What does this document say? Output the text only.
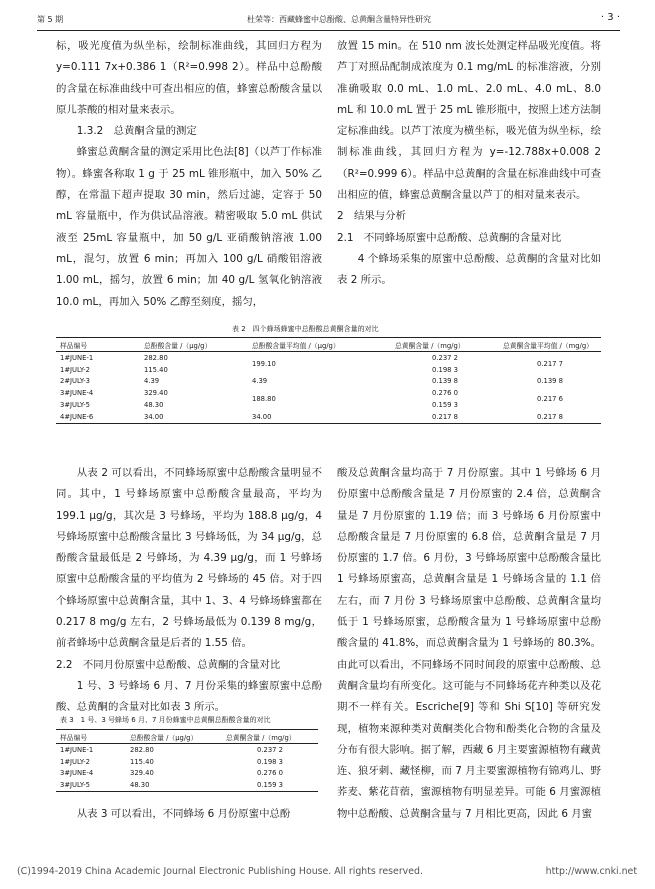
第 5 期	杜荣等：西藏蜂蜜中总酚酸、总黄酮含量特异性研究	· 3 ·

标，吸光度值为纵坐标，绘制标准曲线，其回归方程为 y=0.111 7x+0.386 1（R²=0.998 2）。样品中总酚酸的含量在标准曲线中可查出相应的值，蜂蜜总酚酸含量以原儿茶酸的相对量来表示。

1.3.2　总黄酮含量的测定

蜂蜜总黄酮含量的测定采用比色法[8]（以芦丁作标准物）。蜂蜜各称取 1 g 于 25 mL 锥形瓶中，加入 50% 乙醇，在常温下超声提取 30 min，然后过滤，定容于 50 mL 容量瓶中，作为供试品溶液。精密吸取 5.0 mL 供试液至 25mL 容量瓶中，加 50 g/L 亚硝酸钠溶液 1.00 mL，混匀，放置 6 min；再加入 100 g/L 硝酸铝溶液 1.00 mL，摇匀，放置 6 min；加 40 g/L 氢氧化钠溶液 10.0 mL，再加入 50% 乙醇至刻度，摇匀，

放置 15 min。在 510 nm 波长处测定样品吸光度值。将芦丁对照品配制成浓度为 0.1 mg/mL 的标准溶液，分别准确吸取 0.0 mL、1.0 mL、2.0 mL、4.0 mL、8.0 mL 和 10.0 mL 置于 25 mL 锥形瓶中，按照上述方法制定标准曲线。以芦丁浓度为横坐标，吸光值为纵坐标，绘制标准曲线，其回归方程为 y=-12.788x+0.008 2（R²=0.999 6）。样品中总黄酮的含量在标准曲线中可查出相应的值，蜂蜜总黄酮含量以芦丁的相对量来表示。

2　结果与分析

2.1　不同蜂场原蜜中总酚酸、总黄酮的含量对比

4 个蜂场采集的原蜜中总酚酸、总黄酮的含量对比如表 2 所示。

表 2　四个蜂场蜂蜜中总酚酸总黄酮含量的对比
样品编号	总酚酸含量 /（μg/g）	总酚酸含量平均值 /（μg/g）	总黄酮含量 /（mg/g）	总黄酮含量平均值 /（mg/g）
1#JUNE-1	282.80	199.10	0.237 2	0.217 7
1#JULY-2	115.40		0.198 3	
2#JULY-3	4.39	4.39	0.139 8	0.139 8
3#JUNE-4	329.40	188.80	0.276 0	0.217 6
3#JULY-5	48.30		0.159 3	
4#JUNE-6	34.00	34.00	0.217 8	0.217 8

从表 2 可以看出，不同蜂场原蜜中总酚酸含量明显不同。其中，1 号蜂场原蜜中总酚酸含量最高，平均为 199.1 μg/g，其次是 3 号蜂场，平均为 188.8 μg/g，4 号蜂场原蜜中总酚酸含量比 3 号蜂场低，为 34 μg/g，总酚酸含量最低是 2 号蜂场，为 4.39 μg/g，而 1 号蜂场原蜜中总酚酸含量的平均值为 2 号蜂场的 45 倍。对于四个蜂场原蜜中总黄酮含量，其中 1、3、4 号蜂场蜂蜜都在 0.217 8 mg/g 左右，2 号蜂场最低为 0.139 8 mg/g，前者蜂场中总黄酮含量是后者的 1.55 倍。

2.2　不同月份原蜜中总酚酸、总黄酮的含量对比

1 号、3 号蜂场 6 月、7 月份采集的蜂蜜原蜜中总酚酸、总黄酮的含量对比如表 3 所示。

表 3　1 号、3 号蜂场 6 月、7 月份蜂蜜中总黄酮总酚酸含量的对比
样品编号	总酚酸含量 /（μg/g）	总黄酮含量 /（mg/g）
1#JUNE-1	282.80	0.237 2
1#JULY-2	115.40	0.198 3
3#JUNE-4	329.40	0.276 0
3#JULY-5	48.30	0.159 3

从表 3 可以看出，不同蜂场 6 月份原蜜中总酚

酸及总黄酮含量均高于 7 月份原蜜。其中 1 号蜂场 6 月份原蜜中总酚酸含量是 7 月份原蜜的 2.4 倍，总黄酮含量是 7 月份原蜜的 1.19 倍；而 3 号蜂场 6 月份原蜜中总酚酸含量是 7 月份原蜜的 6.8 倍，总黄酮含量是 7 月份原蜜的 1.7 倍。6 月份，3 号蜂场原蜜中总酚酸含量比 1 号蜂场原蜜高，总黄酮含量是 1 号蜂场含量的 1.1 倍左右，而 7 月份 3 号蜂场原蜜中总酚酸、总黄酮含量均低于 1 号蜂场原蜜，总酚酸含量为 1 号蜂场原蜜中总酚酸含量的 41.8%，而总黄酮含量为 1 号蜂场的 80.3%。由此可以看出，不同蜂场不同时间段的原蜜中总酚酸、总黄酮含量均有所变化。这可能与不同蜂场花卉种类以及花期不一样有关。Escriche[9] 等和 Shi S[10] 等研究发现，植物来源种类对黄酮类化合物和酚类化合物的含量及分布有很大影响。据了解，西藏 6 月主要蜜源植物有藏黄连、狼牙刺、藏怪柳，而 7 月主要蜜源植物有锦鸡儿、野荞麦、紫花苜蓿，蜜源植物有明显差异。可能 6 月蜜源植物中总酚酸、总黄酮含量与 7 月相比更高，因此 6 月蜜

(C)1994-2019 China Academic Journal Electronic Publishing House. All rights reserved.	http://www.cnki.net
